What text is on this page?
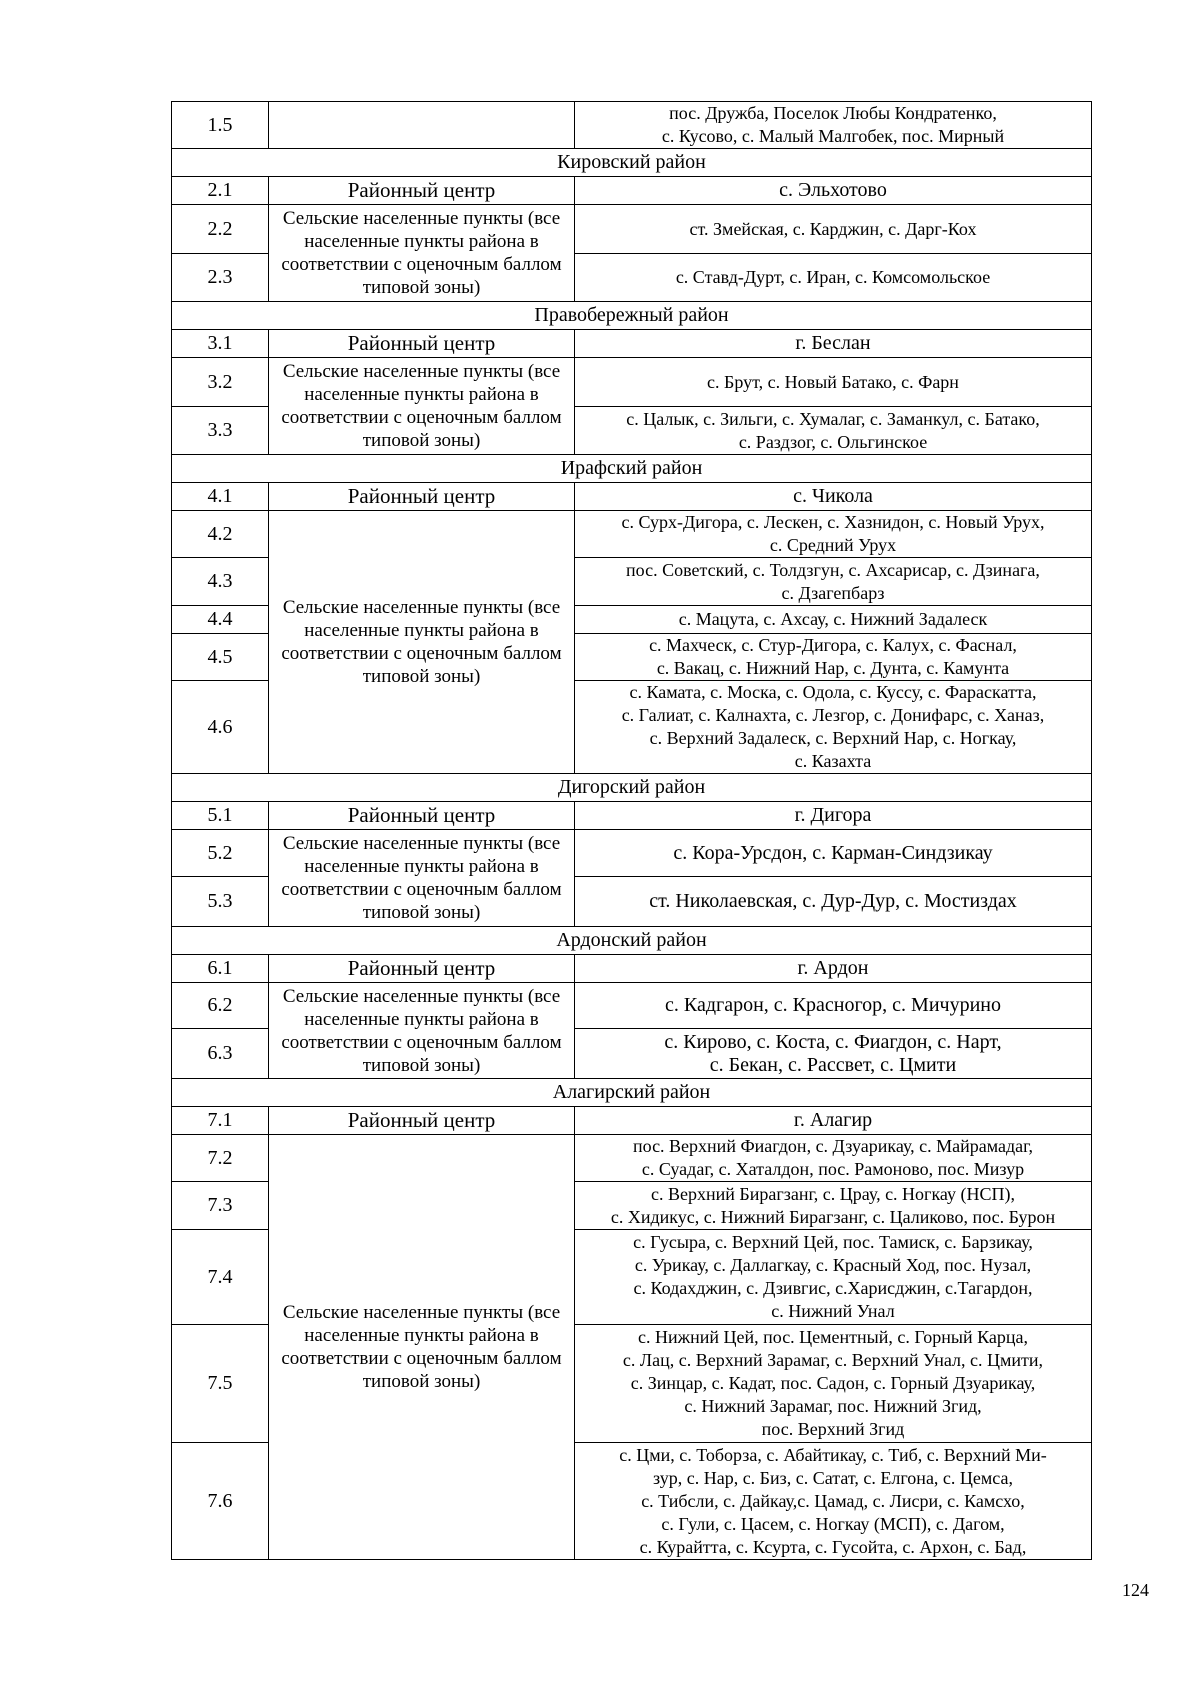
1.5		пос. Дружба, Поселок Любы Кондратенко,
с. Кусово, с. Малый Малгобек, пос. Мирный
Кировский район		
2.1	Районный центр	с. Эльхотово
2.2	Сельские населенные пункты (все населенные пункты района в соответствии с оценочным баллом типовой зоны)	ст. Змейская, с. Карджин, с. Дарг-Кох
2.3		с. Ставд-Дурт, с. Иран, с. Комсомольское
Правобережный район		
3.1	Районный центр	г. Беслан
3.2	Сельские населенные пункты (все населенные пункты района в соответствии с оценочным баллом типовой зоны)	с. Брут, с. Новый Батако, с. Фарн
3.3		с. Цалык, с. Зильги, с. Хумалаг, с. Заманкул, с. Батако,
с. Раздзог, с. Ольгинское
Ирафский район		
4.1	Районный центр	с. Чикола
4.2	Сельские населенные пункты (все населенные пункты района в соответствии с оценочным баллом типовой зоны)	с. Сурх-Дигора, с. Лескен, с. Хазнидон, с. Новый Урух,
с. Средний Урух
4.3		пос. Советский, с. Толдзгун, с. Ахсарисар, с. Дзинага,
с. Дзагепбарз
4.4		с. Мацута, с. Ахсау, с. Нижний Задалеск
4.5		с. Махческ, с. Стур-Дигора, с. Калух, с. Фаснал,
с. Вакац, с. Нижний Нар, с. Дунта, с. Камунта
4.6		с. Камата, с. Моска, с. Одола, с. Куссу, с. Фараскатта,
с. Галиат, с. Калнахта, с. Лезгор, с. Донифарс, с. Ханаз,
с. Верхний Задалеск, с. Верхний Нар, с. Ногкау,
с. Казахта
Дигорский район		
5.1	Районный центр	г. Дигора
5.2	Сельские населенные пункты (все населенные пункты района в соответствии с оценочным баллом типовой зоны)	с. Кора-Урсдон, с. Карман-Синдзикау
5.3		ст. Николаевская, с. Дур-Дур, с. Мостиздах
Ардонский район		
6.1	Районный центр	г. Ардон
6.2	Сельские населенные пункты (все населенные пункты района в соответствии с оценочным баллом типовой зоны)	с. Кадгарон, с. Красногор, с. Мичурино
6.3		с. Кирово, с. Коста, с. Фиагдон, с. Нарт,
с. Бекан, с. Рассвет, с. Цмити
Алагирский район		
7.1	Районный центр	г. Алагир
7.2	Сельские населенные пункты (все населенные пункты района в соответствии с оценочным баллом типовой зоны)	пос. Верхний Фиагдон, с. Дзуарикау, с. Майрамадаг,
с. Суадаг, с. Хаталдон, пос. Рамоново, пос. Мизур
7.3		с. Верхний Бирагзанг, с. Црау, с. Ногкау (НСП),
с. Хидикус, с. Нижний Бирагзанг, с. Цаликово, пос. Бурон
7.4		с. Гусыра, с. Верхний Цей, пос. Тамиск, с. Барзикау,
с. Урикау, с. Даллагкау, с. Красный Ход, пос. Нузал,
с. Кодахджин, с. Дзивгис, с.Харисджин, с.Тагардон,
с. Нижний Унал
7.5		с. Нижний Цей, пос. Цементный, с. Горный Карца,
с. Лац, с. Верхний Зарамаг, с. Верхний Унал, с. Цмити,
с. Зинцар, с. Кадат, пос. Садон, с. Горный Дзуарикау,
с. Нижний Зарамаг, пос. Нижний Згид,
пос. Верхний Згид
7.6		с. Цми, с. Тоборза, с. Абайтикау, с. Тиб, с. Верхний Ми-
зур, с. Нар, с. Биз, с. Сатат, с. Елгона, с. Цемса,
с. Тибсли, с. Дайкау,с. Цамад, с. Лисри, с. Камсхо,
с. Гули, с. Цасем, с. Ногкау (МСП), с. Дагом,
с. Курайтта, с. Ксурта, с. Гусойта, с. Архон, с. Бад,
124
